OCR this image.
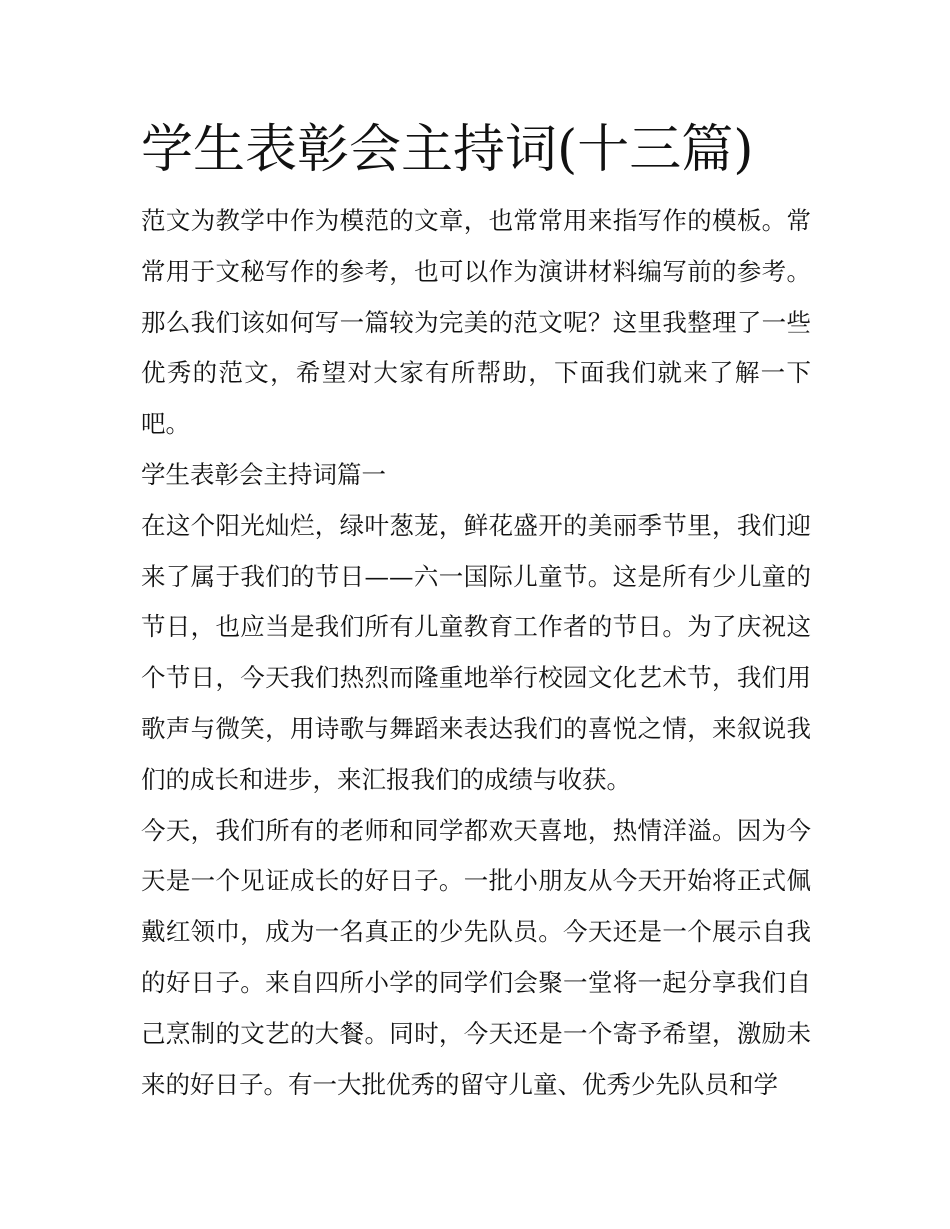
学生表彰会主持词(十三篇)

范文为教学中作为模范的文章，也常常用来指写作的模板。常常用于文秘写作的参考，也可以作为演讲材料编写前的参考。那么我们该如何写一篇较为完美的范文呢？这里我整理了一些优秀的范文，希望对大家有所帮助，下面我们就来了解一下吧。

学生表彰会主持词篇一

在这个阳光灿烂，绿叶葱茏，鲜花盛开的美丽季节里，我们迎来了属于我们的节日——六一国际儿童节。这是所有少儿童的节日，也应当是我们所有儿童教育工作者的节日。为了庆祝这个节日，今天我们热烈而隆重地举行校园文化艺术节，我们用歌声与微笑，用诗歌与舞蹈来表达我们的喜悦之情，来叙说我们的成长和进步，来汇报我们的成绩与收获。

今天，我们所有的老师和同学都欢天喜地，热情洋溢。因为今天是一个见证成长的好日子。一批小朋友从今天开始将正式佩戴红领巾，成为一名真正的少先队员。今天还是一个展示自我的好日子。来自四所小学的同学们会聚一堂将一起分享我们自己烹制的文艺的大餐。同时，今天还是一个寄予希望，激励未来的好日子。有一大批优秀的留守儿童、优秀少先队员和学
